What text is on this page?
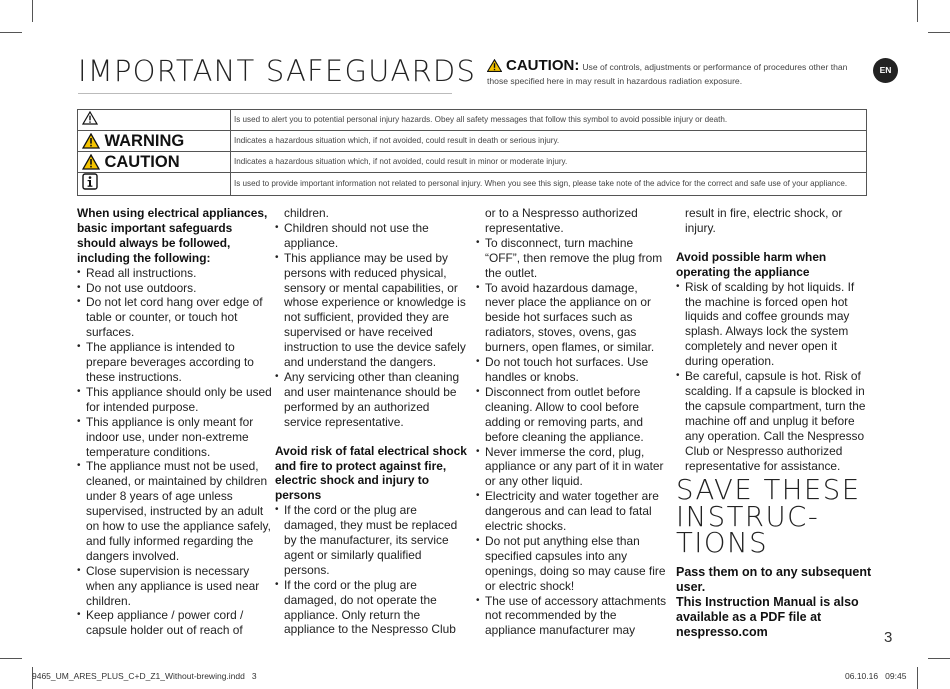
IMPORTANT SAFEGUARDS	CAUTION: Use of controls, adjustments or performance of procedures other than those specified here in may result in hazardous radiation exposure.
EN
	Is used to alert you to potential personal injury hazards. Obey all safety messages that follow this symbol to avoid possible injury or death.
WARNING	Indicates a hazardous situation which, if not avoided, could result in death or serious injury.
CAUTION	Indicates a hazardous situation which, if not avoided, could result in minor or moderate injury.
	Is used to provide important information not related to personal injury. When you see this sign, please take note of the advice for the correct and safe use of your appliance.

When using electrical appliances, basic important safeguards should always be followed, including the following:

• Read all instructions.
• Do not use outdoors.
• Do not let cord hang over edge of table or counter, or touch hot surfaces.
• The appliance is intended to prepare beverages according to these instructions.
• This appliance should only be used for intended purpose.
• This appliance is only meant for indoor use, under non-extreme temperature conditions.
• The appliance must not be used, cleaned, or maintained by children under 8 years of age unless supervised, instructed by an adult on how to use the appliance safely, and fully informed regarding the dangers involved.
• Close supervision is necessary when any appliance is used near children.
• Keep appliance / power cord / capsule holder out of reach of

children.

• Children should not use the appliance.
• This appliance may be used by persons with reduced physical, sensory or mental capabilities, or whose experience or knowledge is not sufficient, provided they are supervised or have received instruction to use the device safely and understand the dangers.
• Any servicing other than cleaning and user maintenance should be performed by an authorized service representative.

Avoid risk of fatal electrical shock and fire to protect against fire, electric shock and injury to persons

• If the cord or the plug are damaged, they must be replaced by the manufacturer, its service agent or similarly qualified persons.
• If the cord or the plug are damaged, do not operate the appliance. Only return the appliance to the Nespresso Club

or to a Nespresso authorized representative.

• To disconnect, turn machine “OFF”, then remove the plug from the outlet.
• To avoid hazardous damage, never place the appliance on or beside hot surfaces such as radiators, stoves, ovens, gas burners, open flames, or similar.
• Do not touch hot surfaces. Use handles or knobs.
• Disconnect from outlet before cleaning. Allow to cool before adding or removing parts, and before cleaning the appliance.
• Never immerse the cord, plug, appliance or any part of it in water or any other liquid.
• Electricity and water together are dangerous and can lead to fatal electric shocks.
• Do not put anything else than specified capsules into any openings, doing so may cause fire or electric shock!
• The use of accessory attachments not recommended by the appliance manufacturer may

result in fire, electric shock, or injury.

Avoid possible harm when operating the appliance

• Risk of scalding by hot liquids. If the machine is forced open hot liquids and coffee grounds may splash. Always lock the system completely and never open it during operation.
• Be careful, capsule is hot. Risk of scalding. If a capsule is blocked in the capsule compartment, turn the machine off and unplug it before any operation. Call the Nespresso Club or Nespresso authorized representative for assistance.
SAVE THESE
INSTRUC-
TIONS

Pass them on to any subsequent user.

This Instruction Manual is also available as a PDF file at nespresso.com	3
9465_UM_ARES_PLUS_C+D_Z1_Without-brewing.indd   3	06.10.16   09:45
